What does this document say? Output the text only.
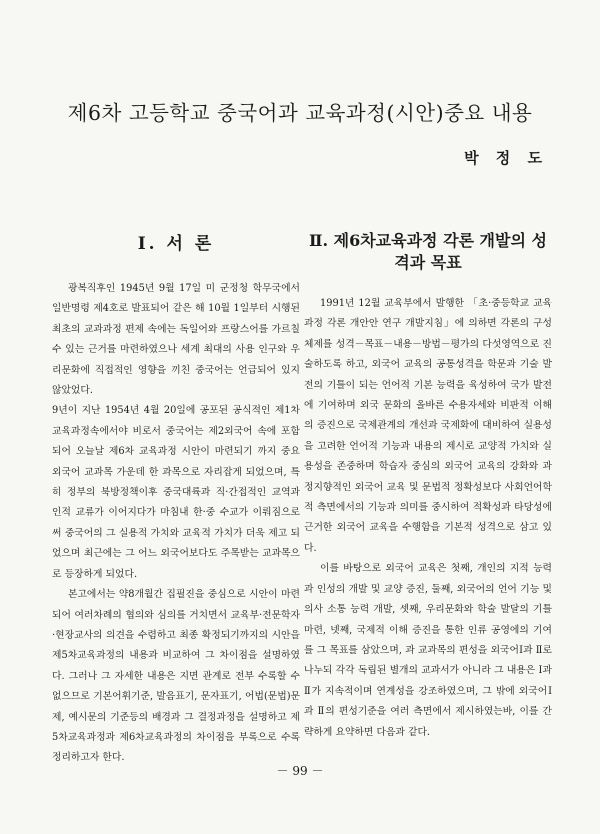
제6차 고등학교 중국어과 교육과정(시안)중요 내용
박 정 도
Ⅰ. 서 론

광복직후인 1945년 9월 17일 미 군정청 학무국에서 일반명령 제4호로 발표되어 같은 해 10월 1일부터 시행된 최초의 교과과정 편제 속에는 독일어와 프랑스어를 가르칠 수 있는 근거를 마련하였으나 세계 최대의 사용 인구와 우리문화에 직접적인 영향을 끼친 중국어는 언급되어 있지 않았었다.

9년이 지난 1954년 4월 20일에 공포된 공식적인 제1차 교육과정속에서야 비로서 중국어는 제2외국어 속에 포함되어 오늘날 제6차 교육과정 시안이 마련되기 까지 중요 외국어 교과목 가운데 한 과목으로 자리잡게 되었으며, 특히 정부의 북방정책이후 중국대륙과 직·간접적인 교역과 인적 교류가 이어지다가 마침내 한·중 수교가 이뤄짐으로써 중국어의 그 실용적 가치와 교육적 가치가 더욱 제고 되었으며 최근에는 그 어느 외국어보다도 주목받는 교과목으로 등장하게 되었다.

본고에서는 약8개월간 집필진을 중심으로 시안이 마련되어 여러차례의 협의와 심의를 거치면서 교육부·전문학자·현장교사의 의견을 수렴하고 최종 확정되기까지의 시안을 제5차교육과정의 내용과 비교하여 그 차이점을 설명하였다. 그러나 그 자세한 내용은 지면 관계로 전부 수록할 수 없으므로 기본어휘기준, 발음표기, 문자표기, 어법(문법)문제, 예시문의 기준등의 배경과 그 결정과정을 설명하고 제5차교육과정과 제6차교육과정의 차이점을 부록으로 수록 정리하고자 한다.

Ⅱ. 제6차교육과정 각론 개발의 성격과 목표

1991년 12월 교육부에서 발행한 「초·중등학교 교육과정 각론 개안안 연구 개발지침」에 의하면 각론의 구성체제를 성격－목표－내용－방법－평가의 다섯영역으로 진술하도록 하고, 외국어 교육의 공통성격을 학문과 기술 발전의 기틀이 되는 언어적 기본 능력을 육성하여 국가 발전에 기여하며 외국 문화의 올바른 수용자세와 비판적 이해의 증진으로 국제관계의 개선과 국제화에 대비하여 실용성을 고려한 언어적 기능과 내용의 제시로 교양적 가치와 실용성을 존중하며 학습자 중심의 외국어 교육의 강화와 과정지향적인 외국어 교육 및 문법적 정확성보다 사회언어학적 측면에서의 기능과 의미를 중시하여 적확성과 타당성에 근거한 외국어 교육을 수행함을 기본적 성격으로 삼고 있다.

이를 바탕으로 외국어 교육은 첫째, 개인의 지적 능력과 인성의 개발 및 교양 증진, 둘째, 외국어의 언어 기능 및 의사 소통 능력 개발, 셋째, 우리문화와 학술 발달의 기틀 마련, 넷째, 국제적 이해 증진을 통한 인류 공영에의 기여를 그 목표를 삼았으며, 과 교과목의 편성을 외국어Ⅰ과 Ⅱ로 나누되 각각 독립된 별개의 교과서가 아니라 그 내용은 Ⅰ과Ⅱ가 지속적이며 연계성을 강조하였으며, 그 밖에 외국어Ⅰ과 Ⅱ의 편성기준을 여러 측면에서 제시하였는바, 이를 간략하게 요약하면 다음과 같다.

－ 99 －
